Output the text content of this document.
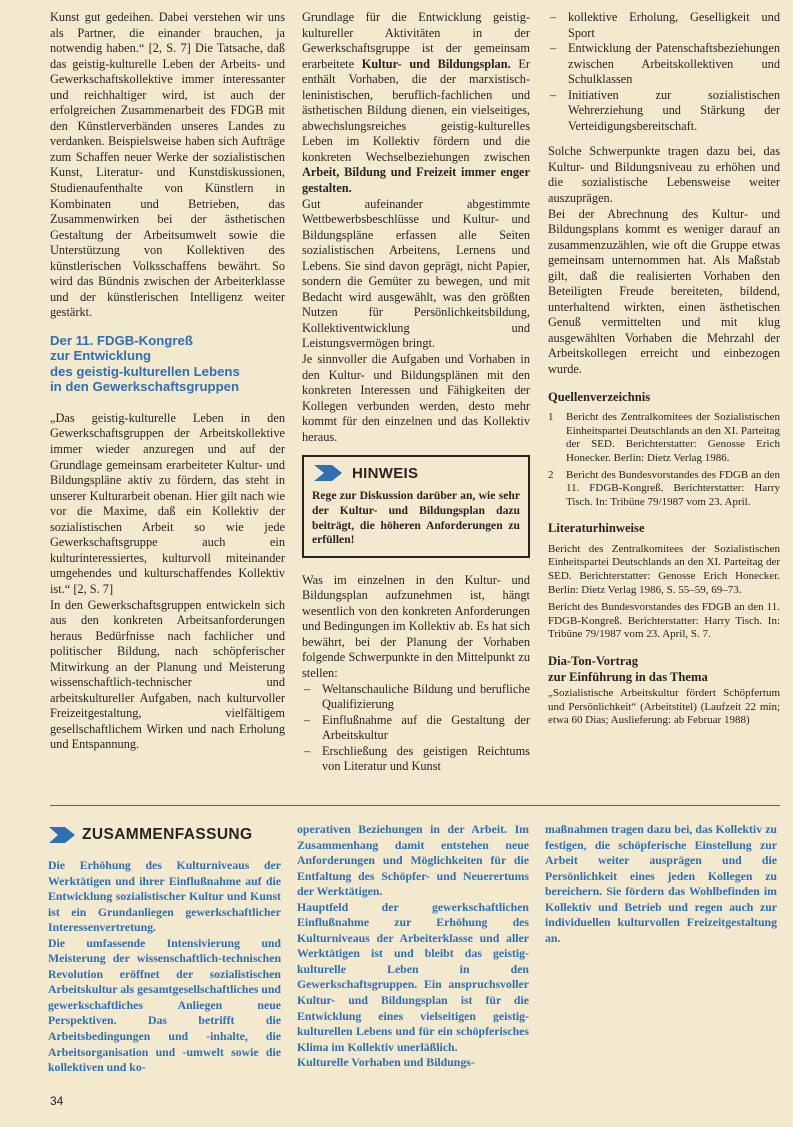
Kunst gut gedeihen. Dabei verstehen wir uns als Partner, die einander brauchen, ja notwendig haben.“ [2, S. 7] Die Tatsache, daß das geistig-kulturelle Leben der Arbeits- und Gewerkschaftskollektive immer interessanter und reichhaltiger wird, ist auch der erfolgreichen Zusammenarbeit des FDGB mit den Künstlerverbänden unseres Landes zu verdanken. Beispielsweise haben sich Aufträge zum Schaffen neuer Werke der sozialistischen Kunst, Literatur- und Kunstdiskussionen, Studienaufenthalte von Künstlern in Kombinaten und Betrieben, das Zusammenwirken bei der ästhetischen Gestaltung der Arbeitsumwelt sowie die Unterstützung von Kollektiven des künstlerischen Volksschaffens bewährt. So wird das Bündnis zwischen der Arbeiterklasse und der künstlerischen Intelligenz weiter gestärkt.

Der 11. FDGB-Kongreß
zur Entwicklung
des geistig-kulturellen Lebens
in den Gewerkschaftsgruppen

„Das geistig-kulturelle Leben in den Gewerkschaftsgruppen der Arbeitskollektive immer wieder anzuregen und auf der Grundlage gemeinsam erarbeiteter Kultur- und Bildungspläne aktiv zu fördern, das steht in unserer Kulturarbeit obenan. Hier gilt nach wie vor die Maxime, daß ein Kollektiv der sozialistischen Arbeit so wie jede Gewerkschaftsgruppe auch ein kulturinteressiertes, kulturvoll miteinander umgehendes und kulturschaffendes Kollektiv ist.“ [2, S. 7]

In den Gewerkschaftsgruppen entwickeln sich aus den konkreten Arbeitsanforderungen heraus Bedürfnisse nach fachlicher und politischer Bildung, nach schöpferischer Mitwirkung an der Planung und Meisterung wissenschaftlich-technischer und arbeitskultureller Aufgaben, nach kulturvoller Freizeitgestaltung, vielfältigem gesellschaftlichem Wirken und nach Erholung und Entspannung.

Grundlage für die Entwicklung geistig-kultureller Aktivitäten in der Gewerkschaftsgruppe ist der gemeinsam erarbeitete Kultur- und Bildungsplan. Er enthält Vorhaben, die der marxistisch-leninistischen, beruflich-fachlichen und ästhetischen Bildung dienen, ein vielseitiges, abwechslungsreiches geistig-kulturelles Leben im Kollektiv fördern und die konkreten Wechselbeziehungen zwischen Arbeit, Bildung und Freizeit immer enger gestalten.

Gut aufeinander abgestimmte Wettbewerbsbeschlüsse und Kultur- und Bildungspläne erfassen alle Seiten sozialistischen Arbeitens, Lernens und Lebens. Sie sind davon geprägt, nicht Papier, sondern die Gemüter zu bewegen, und mit Bedacht wird ausgewählt, was den größten Nutzen für Persönlichkeitsbildung, Kollektiventwicklung und Leistungsvermögen bringt.

Je sinnvoller die Aufgaben und Vorhaben in den Kultur- und Bildungsplänen mit den konkreten Interessen und Fähigkeiten der Kollegen verbunden werden, desto mehr kommt für den einzelnen und das Kollektiv heraus.

HINWEIS

Rege zur Diskussion darüber an, wie sehr der Kultur- und Bildungsplan dazu beiträgt, die höheren Anforderungen zu erfüllen!

Was im einzelnen in den Kultur- und Bildungsplan aufzunehmen ist, hängt wesentlich von den konkreten Anforderungen und Bedingungen im Kollektiv ab. Es hat sich bewährt, bei der Planung der Vorhaben folgende Schwerpunkte in den Mittelpunkt zu stellen:

– Weltanschauliche Bildung und berufliche Qualifizierung
– Einflußnahme auf die Gestaltung der Arbeitskultur
– Erschließung des geistigen Reichtums von Literatur und Kunst
– kollektive Erholung, Geselligkeit und Sport
– Entwicklung der Patenschaftsbeziehungen zwischen Arbeitskollektiven und Schulklassen
– Initiativen zur sozialistischen Wehrerziehung und Stärkung der Verteidigungsbereitschaft.

Solche Schwerpunkte tragen dazu bei, das Kultur- und Bildungsniveau zu erhöhen und die sozialistische Lebensweise weiter auszuprägen.

Bei der Abrechnung des Kultur- und Bildungsplans kommt es weniger darauf an zusammenzuzählen, wie oft die Gruppe etwas gemeinsam unternommen hat. Als Maßstab gilt, daß die realisierten Vorhaben den Beteiligten Freude bereiteten, bildend, unterhaltend wirkten, einen ästhetischen Genuß vermittelten und mit klug ausgewählten Vorhaben die Mehrzahl der Arbeitskollegen erreicht und einbezogen wurde.

Quellenverzeichnis
1	Bericht des Zentralkomitees der Sozialistischen Einheitspartei Deutschlands an den XI. Parteitag der SED. Berichterstatter: Genosse Erich Honecker. Berlin: Dietz Verlag 1986.
2	Bericht des Bundesvorstandes des FDGB an den 11. FDGB-Kongreß. Berichterstatter: Harry Tisch. In: Tribüne 79/1987 vom 23. April.
Literaturhinweise

Bericht des Zentralkomitees der Sozialistischen Einheitspartei Deutschlands an den XI. Parteitag der SED. Berichterstatter: Genosse Erich Honecker. Berlin: Dietz Verlag 1986, S. 55–59, 69–73.

Bericht des Bundesvorstandes des FDGB an den 11. FDGB-Kongreß. Berichterstatter: Harry Tisch. In: Tribüne 79/1987 vom 23. April, S. 7.

Dia-Ton-Vortrag
zur Einführung in das Thema

„Sozialistische Arbeitskultur fördert Schöpfertum und Persönlichkeit“ (Arbeitstitel) (Laufzeit 22 min; etwa 60 Dias; Auslieferung: ab Februar 1988)

ZUSAMMENFASSUNG

Die Erhöhung des Kulturniveaus der Werktätigen und ihrer Einflußnahme auf die Entwicklung sozialistischer Kultur und Kunst ist ein Grundanliegen gewerkschaftlicher Interessenvertretung.

Die umfassende Intensivierung und Meisterung der wissenschaftlich-technischen Revolution eröffnet der sozialistischen Arbeitskultur als gesamtgesellschaftliches und gewerkschaftliches Anliegen neue Perspektiven. Das betrifft die Arbeitsbedingungen und -inhalte, die Arbeitsorganisation und -umwelt sowie die kollektiven und ko-

operativen Beziehungen in der Arbeit. Im Zusammenhang damit entstehen neue Anforderungen und Möglichkeiten für die Entfaltung des Schöpfer- und Neuerertums der Werktätigen.

Hauptfeld der gewerkschaftlichen Einflußnahme zur Erhöhung des Kulturniveaus der Arbeiterklasse und aller Werktätigen ist und bleibt das geistig-kulturelle Leben in den Gewerkschaftsgruppen. Ein anspruchsvoller Kultur- und Bildungsplan ist für die Entwicklung eines vielseitigen geistig-kulturellen Lebens und für ein schöpferisches Klima im Kollektiv unerläßlich.

Kulturelle Vorhaben und Bildungs-

maßnahmen tragen dazu bei, das Kollektiv zu festigen, die schöpferische Einstellung zur Arbeit weiter ausprägen und die Persönlichkeit eines jeden Kollegen zu bereichern. Sie fördern das Wohlbefinden im Kollektiv und Betrieb und regen auch zur individuellen kulturvollen Freizeitgestaltung an.

34
